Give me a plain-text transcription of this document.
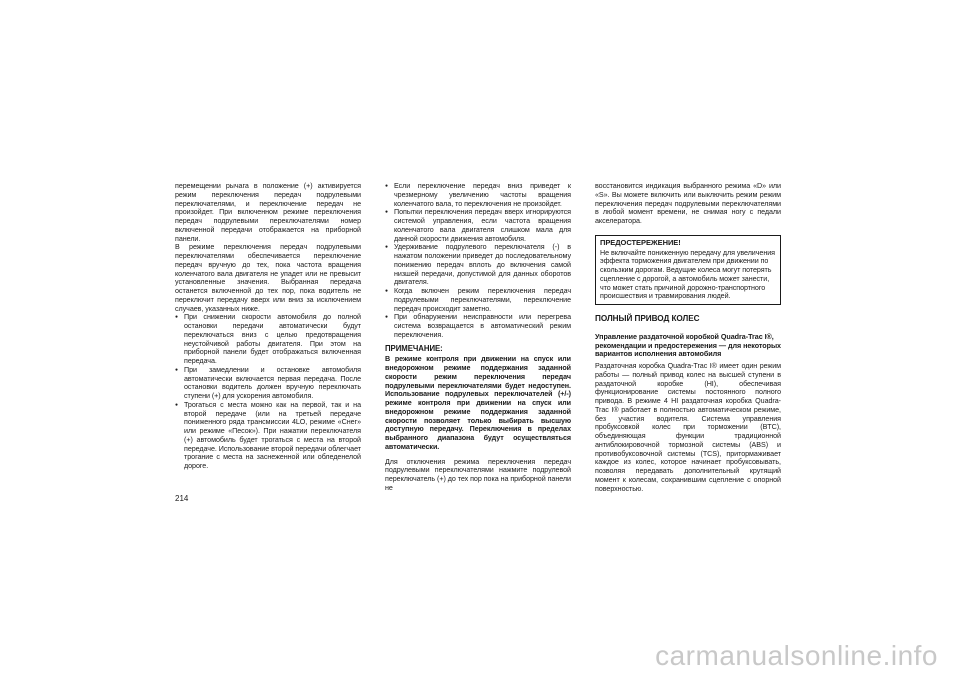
перемещении рычага в положение (+) активируется режим переключения передач подрулевыми переключателями, и переключение передач не произойдет. При включенном режиме переключения передач подрулевыми переключателями номер включенной передачи отображается на приборной панели.

В режиме переключения передач подрулевыми переключателями обеспечивается переключение передач вручную до тех, пока частота вращения коленчатого вала двигателя не упадет или не превысит установленные значения. Выбранная передача останется включенной до тех пор, пока водитель не переключит передачу вверх или вниз за исключением случаев, указанных ниже.

● При снижении скорости автомобиля до полной остановки передачи автоматически будут переключаться вниз с целью предотвращения неустойчивой работы двигателя. При этом на приборной панели будет отображаться включенная передача.
● При замедлении и остановке автомобиля автоматически включается первая передача. После остановки водитель должен вручную переключать ступени (+) для ускорения автомобиля.
● Трогаться с места можно как на первой, так и на второй передаче (или на третьей передаче пониженного ряда трансмиссии 4LO, режиме «Снег» или режиме «Песок»). При нажатии переключателя (+) автомобиль будет трогаться с места на второй передаче. Использование второй передачи облегчает трогание с места на заснеженной или обледенелой дороге.
● Если переключение передач вниз приведет к чрезмерному увеличению частоты вращения коленчатого вала, то переключения не произойдет.
● Попытки переключения передач вверх игнорируются системой управления, если частота вращения коленчатого вала двигателя слишком мала для данной скорости движения автомобиля.
● Удерживание подрулевого переключателя (-) в нажатом положении приведет до последовательному понижению передач вплоть до включения самой низшей передачи, допустимой для данных оборотов двигателя.
● Когда включен режим переключения передач подрулевыми переключателями, переключение передач происходит заметно.
● При обнаружении неисправности или перегрева система возвращается в автоматический режим переключения.
ПРИМЕЧАНИЕ:

В режиме контроля при движении на спуск или внедорожном режиме поддержания заданной скорости режим переключения передач подрулевыми переключателями будет недоступен. Использование подрулевых переключателей (+/-) режиме контроля при движении на спуск или внедорожном режиме поддержания заданной скорости позволяет только выбирать высшую доступную передачу. Переключения в пределах выбранного диапазона будут осуществляться автоматически.

Для отключения режима переключения передач подрулевыми переключателями нажмите подрулевой переключатель (+) до тех пор пока на приборной панели не

восстановится индикация выбранного режима «D» или «S». Вы можете включить или выключить режим режим переключения передач подрулевыми переключателями в любой момент времени, не снимая ногу с педали акселератора.

ПРЕДОСТЕРЕЖЕНИЕ!
Не включайте пониженную передачу для увеличения эффекта торможения двигателем при движении по скользким дорогам. Ведущие колеса могут потерять сцепление с дорогой, а автомобиль может занести, что может стать причиной дорожно-транспортного происшествия и травмирования людей.
ПОЛНЫЙ ПРИВОД КОЛЕС
Управление раздаточной коробкой Quadra-Trac I®, рекомендации и предостережения — для некоторых вариантов исполнения автомобиля

Раздаточная коробка Quadra-Trac I® имеет один режим работы — полный привод колес на высшей ступени в раздаточной коробке (HI), обеспечивая функционирование системы постоянного полного привода. В режиме 4 HI раздаточная коробка Quadra-Trac I® работает в полностью автоматическом режиме, без участия водителя. Система управления пробуксовкой колес при торможении (BTC), объединяющая функции традиционной антиблокировочной тормозной системы (ABS) и противобуксовочной системы (TCS), притормаживает каждое из колес, которое начинает пробуксовывать, позволяя передавать дополнительный крутящий момент к колесам, сохранившим сцепление с опорной поверхностью.

214
carmanualsonline.info
